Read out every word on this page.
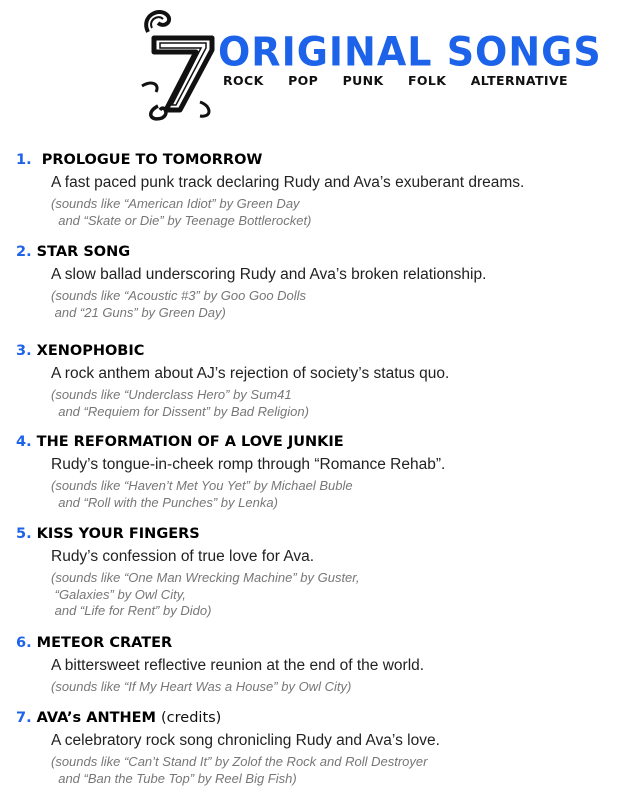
ORIGINAL SONGS
ROCK POP PUNK FOLK ALTERNATIVE
1. PROLOGUE TO TOMORROW
A fast paced punk track declaring Rudy and Ava’s exuberant dreams.
(sounds like “American Idiot” by Green Day
and “Skate or Die” by Teenage Bottlerocket)
2. STAR SONG
A slow ballad underscoring Rudy and Ava’s broken relationship.
(sounds like “Acoustic #3” by Goo Goo Dolls
and “21 Guns” by Green Day)
3. XENOPHOBIC
A rock anthem about AJ’s rejection of society’s status quo.
(sounds like “Underclass Hero” by Sum41
and “Requiem for Dissent” by Bad Religion)
4. THE REFORMATION OF A LOVE JUNKIE
Rudy’s tongue-in-cheek romp through “Romance Rehab”.
(sounds like “Haven’t Met You Yet” by Michael Buble
and “Roll with the Punches” by Lenka)
5. KISS YOUR FINGERS
Rudy’s confession of true love for Ava.
(sounds like “One Man Wrecking Machine” by Guster,
“Galaxies” by Owl City,
and “Life for Rent” by Dido)
6. METEOR CRATER
A bittersweet reflective reunion at the end of the world.
(sounds like “If My Heart Was a House” by Owl City)
7. AVA’s ANTHEM (credits)
A celebratory rock song chronicling Rudy and Ava’s love.
(sounds like “Can’t Stand It” by Zolof the Rock and Roll Destroyer
and “Ban the Tube Top” by Reel Big Fish)
